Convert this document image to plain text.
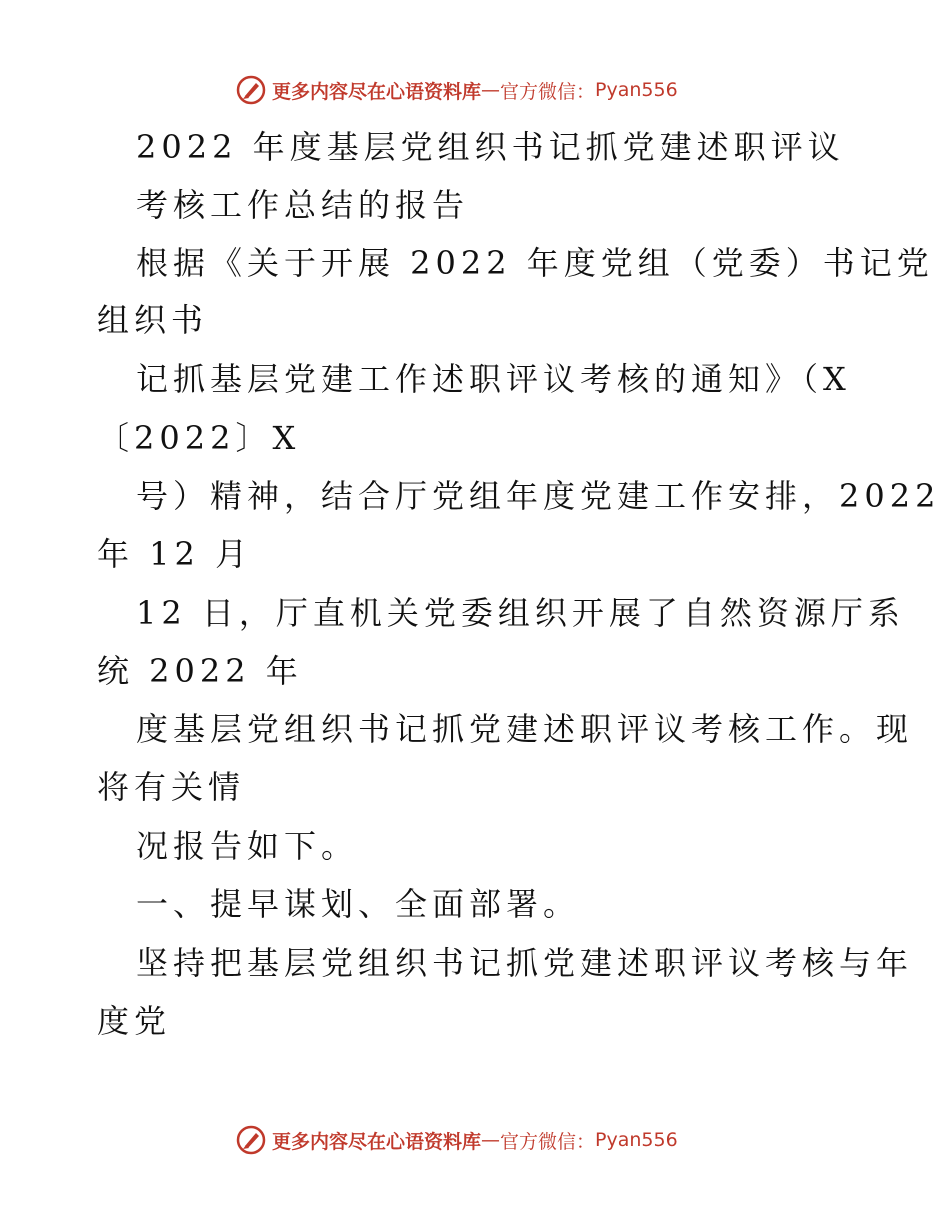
更多内容尽在心语资料库 — 官方微信： Pyan556
2022 年度基层党组织书记抓党建述职评议
考核工作总结的报告
根据《关于开展 2022 年度党组（党委）书记党
组织书
记抓基层党建工作述职评议考核的通知》（X
〔2022〕X
号）精神，结合厅党组年度党建工作安排，2022
年 12 月
12 日，厅直机关党委组织开展了自然资源厅系
统 2022 年
度基层党组织书记抓党建述职评议考核工作。现
将有关情
况报告如下。
一、提早谋划、全面部署。
坚持把基层党组织书记抓党建述职评议考核与年
度党
更多内容尽在心语资料库 — 官方微信： Pyan556
